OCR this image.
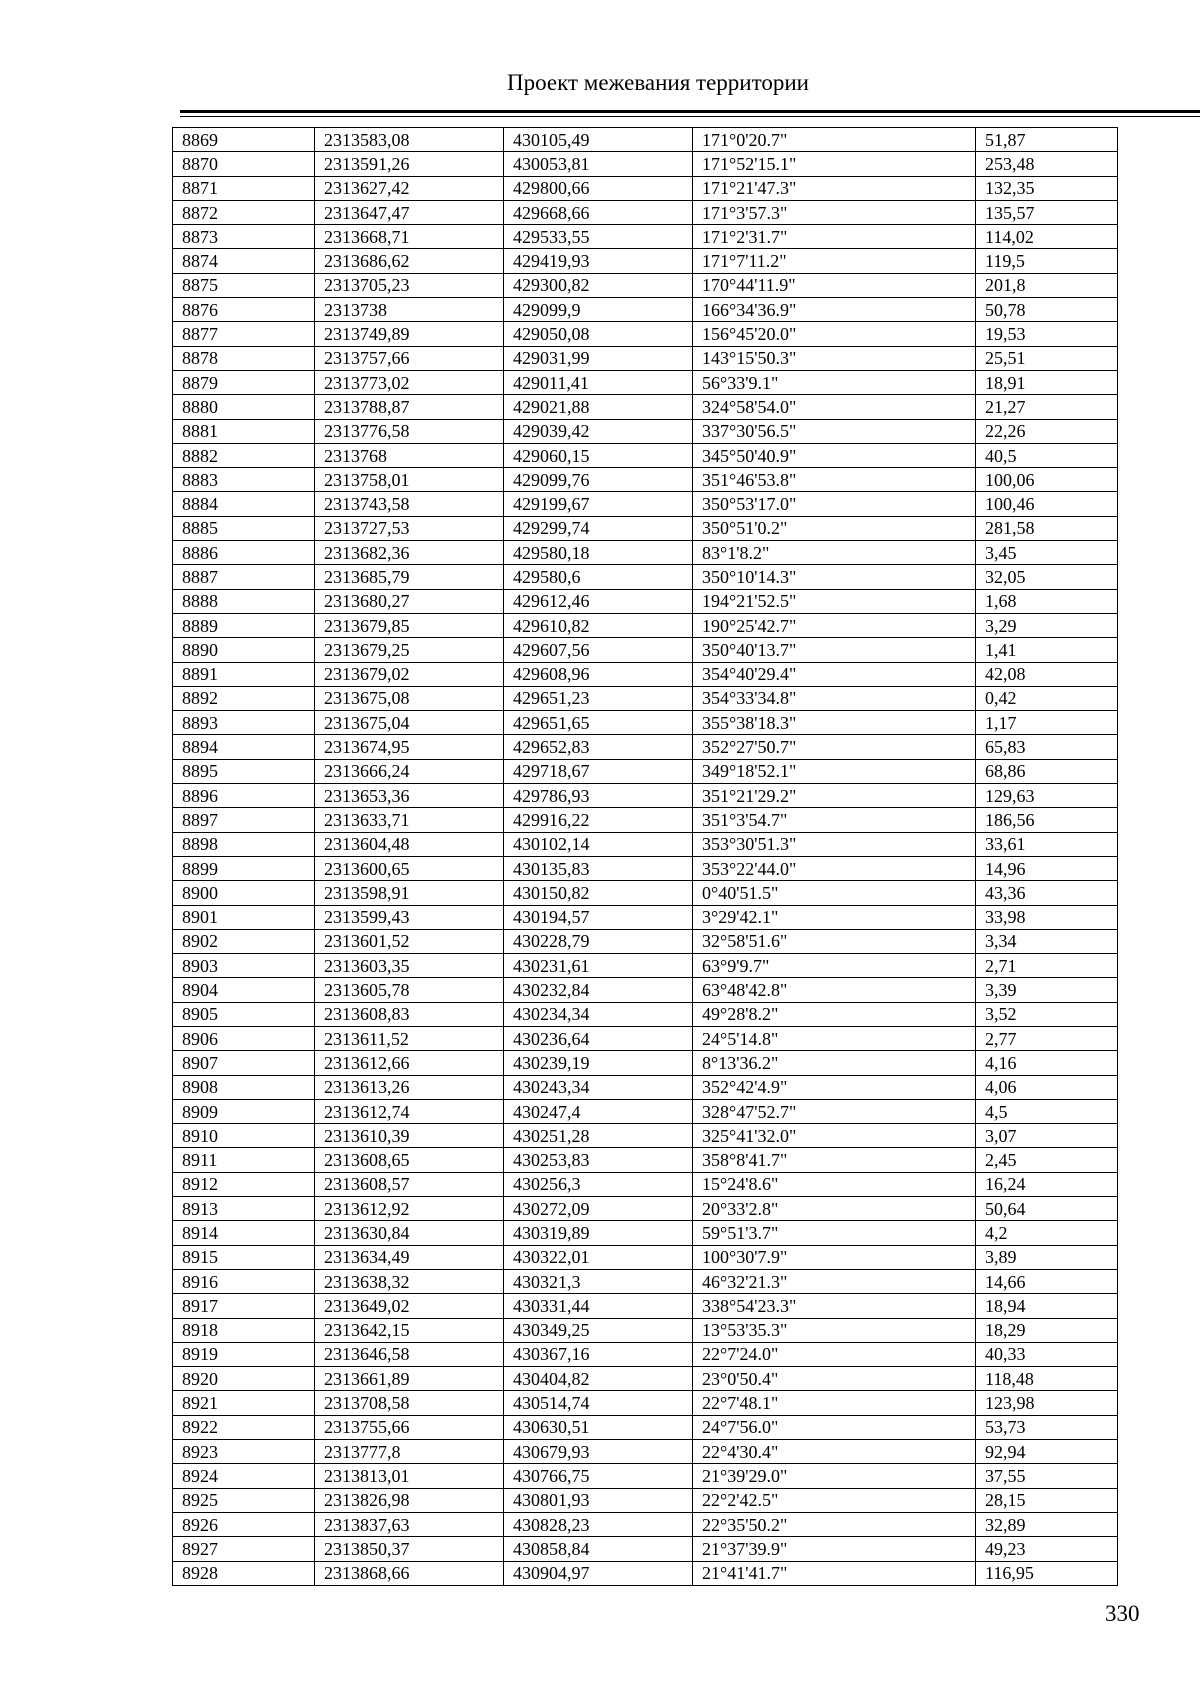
Проект межевания территории
8869	2313583,08	430105,49	171°0'20.7"	51,87
8870	2313591,26	430053,81	171°52'15.1"	253,48
8871	2313627,42	429800,66	171°21'47.3"	132,35
8872	2313647,47	429668,66	171°3'57.3"	135,57
8873	2313668,71	429533,55	171°2'31.7"	114,02
8874	2313686,62	429419,93	171°7'11.2"	119,5
8875	2313705,23	429300,82	170°44'11.9"	201,8
8876	2313738	429099,9	166°34'36.9"	50,78
8877	2313749,89	429050,08	156°45'20.0"	19,53
8878	2313757,66	429031,99	143°15'50.3"	25,51
8879	2313773,02	429011,41	56°33'9.1"	18,91
8880	2313788,87	429021,88	324°58'54.0"	21,27
8881	2313776,58	429039,42	337°30'56.5"	22,26
8882	2313768	429060,15	345°50'40.9"	40,5
8883	2313758,01	429099,76	351°46'53.8"	100,06
8884	2313743,58	429199,67	350°53'17.0"	100,46
8885	2313727,53	429299,74	350°51'0.2"	281,58
8886	2313682,36	429580,18	83°1'8.2"	3,45
8887	2313685,79	429580,6	350°10'14.3"	32,05
8888	2313680,27	429612,46	194°21'52.5"	1,68
8889	2313679,85	429610,82	190°25'42.7"	3,29
8890	2313679,25	429607,56	350°40'13.7"	1,41
8891	2313679,02	429608,96	354°40'29.4"	42,08
8892	2313675,08	429651,23	354°33'34.8"	0,42
8893	2313675,04	429651,65	355°38'18.3"	1,17
8894	2313674,95	429652,83	352°27'50.7"	65,83
8895	2313666,24	429718,67	349°18'52.1"	68,86
8896	2313653,36	429786,93	351°21'29.2"	129,63
8897	2313633,71	429916,22	351°3'54.7"	186,56
8898	2313604,48	430102,14	353°30'51.3"	33,61
8899	2313600,65	430135,83	353°22'44.0"	14,96
8900	2313598,91	430150,82	0°40'51.5"	43,36
8901	2313599,43	430194,57	3°29'42.1"	33,98
8902	2313601,52	430228,79	32°58'51.6"	3,34
8903	2313603,35	430231,61	63°9'9.7"	2,71
8904	2313605,78	430232,84	63°48'42.8"	3,39
8905	2313608,83	430234,34	49°28'8.2"	3,52
8906	2313611,52	430236,64	24°5'14.8"	2,77
8907	2313612,66	430239,19	8°13'36.2"	4,16
8908	2313613,26	430243,34	352°42'4.9"	4,06
8909	2313612,74	430247,4	328°47'52.7"	4,5
8910	2313610,39	430251,28	325°41'32.0"	3,07
8911	2313608,65	430253,83	358°8'41.7"	2,45
8912	2313608,57	430256,3	15°24'8.6"	16,24
8913	2313612,92	430272,09	20°33'2.8"	50,64
8914	2313630,84	430319,89	59°51'3.7"	4,2
8915	2313634,49	430322,01	100°30'7.9"	3,89
8916	2313638,32	430321,3	46°32'21.3"	14,66
8917	2313649,02	430331,44	338°54'23.3"	18,94
8918	2313642,15	430349,25	13°53'35.3"	18,29
8919	2313646,58	430367,16	22°7'24.0"	40,33
8920	2313661,89	430404,82	23°0'50.4"	118,48
8921	2313708,58	430514,74	22°7'48.1"	123,98
8922	2313755,66	430630,51	24°7'56.0"	53,73
8923	2313777,8	430679,93	22°4'30.4"	92,94
8924	2313813,01	430766,75	21°39'29.0"	37,55
8925	2313826,98	430801,93	22°2'42.5"	28,15
8926	2313837,63	430828,23	22°35'50.2"	32,89
8927	2313850,37	430858,84	21°37'39.9"	49,23
8928	2313868,66	430904,97	21°41'41.7"	116,95
330
